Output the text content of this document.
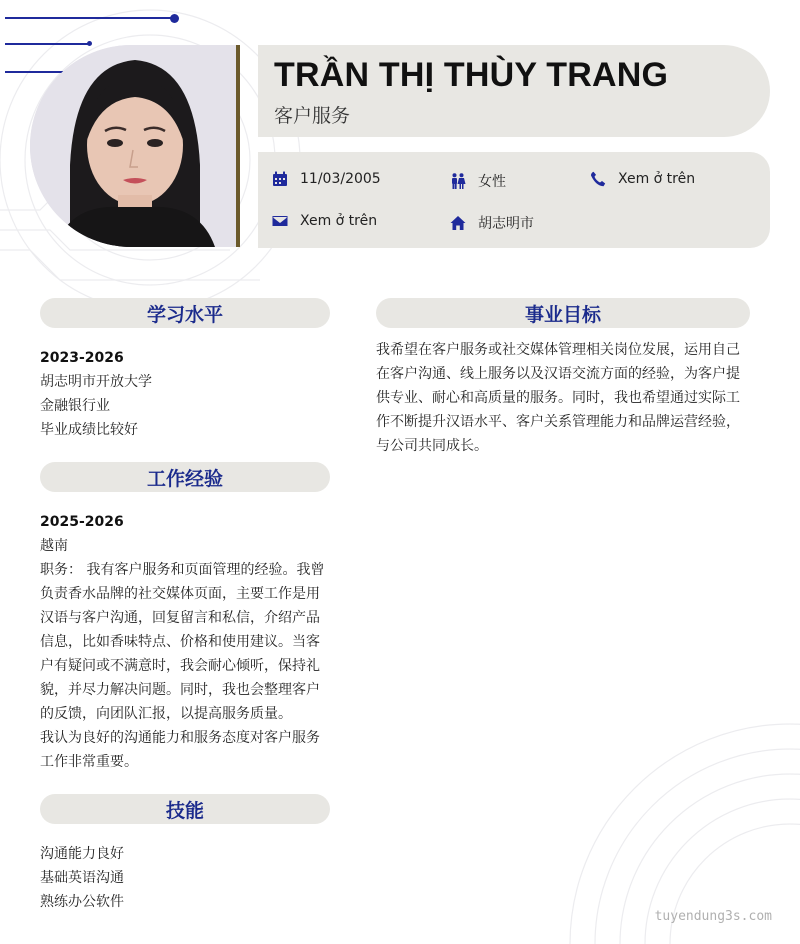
TRẦN THỊ THÙY TRANG
客户服务
11/03/2005	女性	Xem ở trên
Xem ở trên	胡志明市
学习水平
2023-2026
胡志明市开放大学
金融银行业
毕业成绩比较好
工作经验
2025-2026
越南
职务： 我有客户服务和页面管理的经验。我曾
负责香水品牌的社交媒体页面，主要工作是用
汉语与客户沟通，回复留言和私信，介绍产品
信息，比如香味特点、价格和使用建议。当客
户有疑问或不满意时，我会耐心倾听，保持礼
貌，并尽力解决问题。同时，我也会整理客户
的反馈，向团队汇报，以提高服务质量。
我认为良好的沟通能力和服务态度对客户服务
工作非常重要。
技能
沟通能力良好
基础英语沟通
熟练办公软件
事业目标
我希望在客户服务或社交媒体管理相关岗位发展，运用自己
在客户沟通、线上服务以及汉语交流方面的经验，为客户提
供专业、耐心和高质量的服务。同时，我也希望通过实际工
作不断提升汉语水平、客户关系管理能力和品牌运营经验，
与公司共同成长。
tuyendung3s.com
